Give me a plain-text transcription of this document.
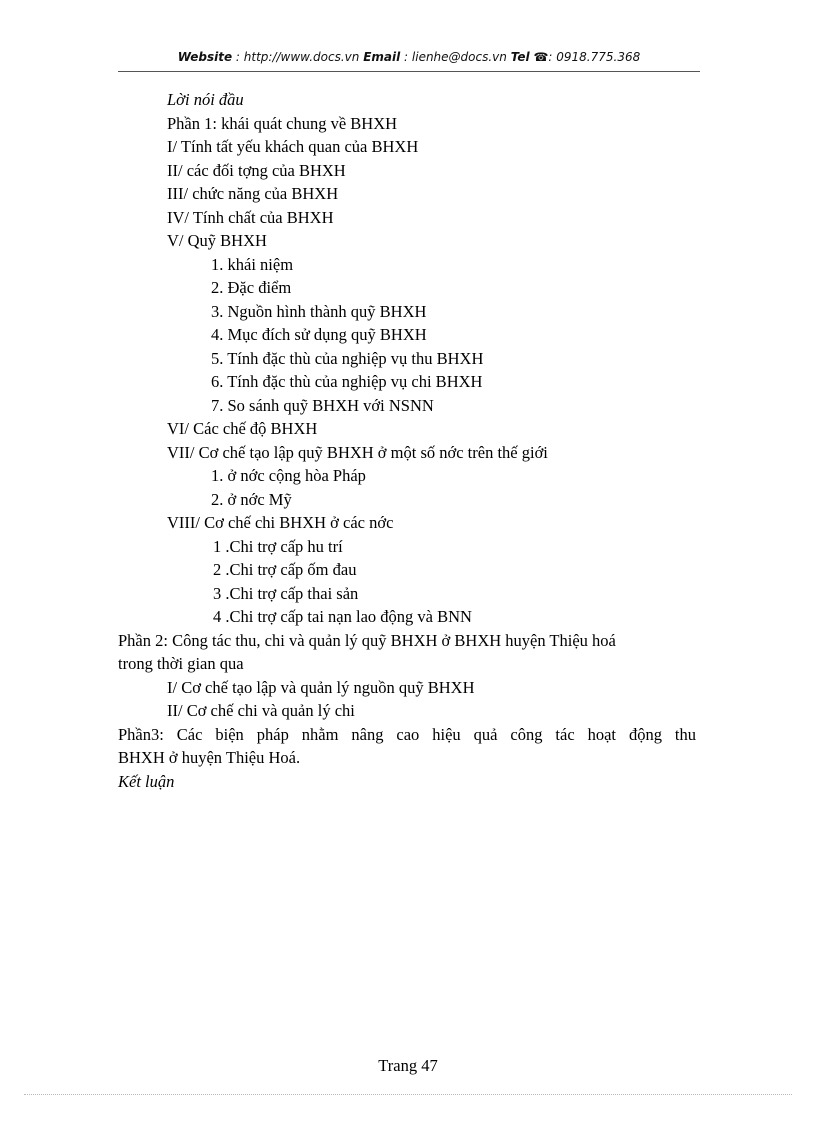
Website : http://www.docs.vn Email : lienhe@docs.vn Tel ☎: 0918.775.368
Lời nói đầu
Phần 1: khái quát chung về BHXH
I/ Tính tất yếu khách quan của BHXH
II/ các đối tợng của BHXH
III/ chức năng của BHXH
IV/ Tính chất của BHXH
V/ Quỹ BHXH
1. khái niệm
2. Đặc điểm
3. Nguồn hình thành quỹ BHXH
4. Mục đích sử dụng quỹ BHXH
5. Tính đặc thù của nghiệp vụ thu BHXH
6. Tính đặc thù của nghiệp vụ chi BHXH
7. So sánh quỹ BHXH với NSNN
VI/ Các chế độ BHXH
VII/ Cơ chế tạo lập quỹ BHXH ở một số nớc trên thế giới
1. ở nớc cộng hòa Pháp
2. ở nớc Mỹ
VIII/ Cơ chế chi BHXH ở các nớc
1 .Chi trợ cấp hu trí
2 .Chi trợ cấp ốm đau
3 .Chi trợ cấp thai sản
4 .Chi trợ cấp tai nạn lao động và BNN
Phần 2: Công tác thu, chi và quản lý quỹ BHXH ở BHXH huyện Thiệu hoá
trong thời gian qua
I/ Cơ chế tạo lập và quản lý nguồn quỹ BHXH
II/ Cơ chế chi và quản lý chi
Phần3: Các biện pháp nhằm nâng cao hiệu quả công tác hoạt động thu
BHXH ở huyện Thiệu Hoá.
Kết luận
Trang 47
